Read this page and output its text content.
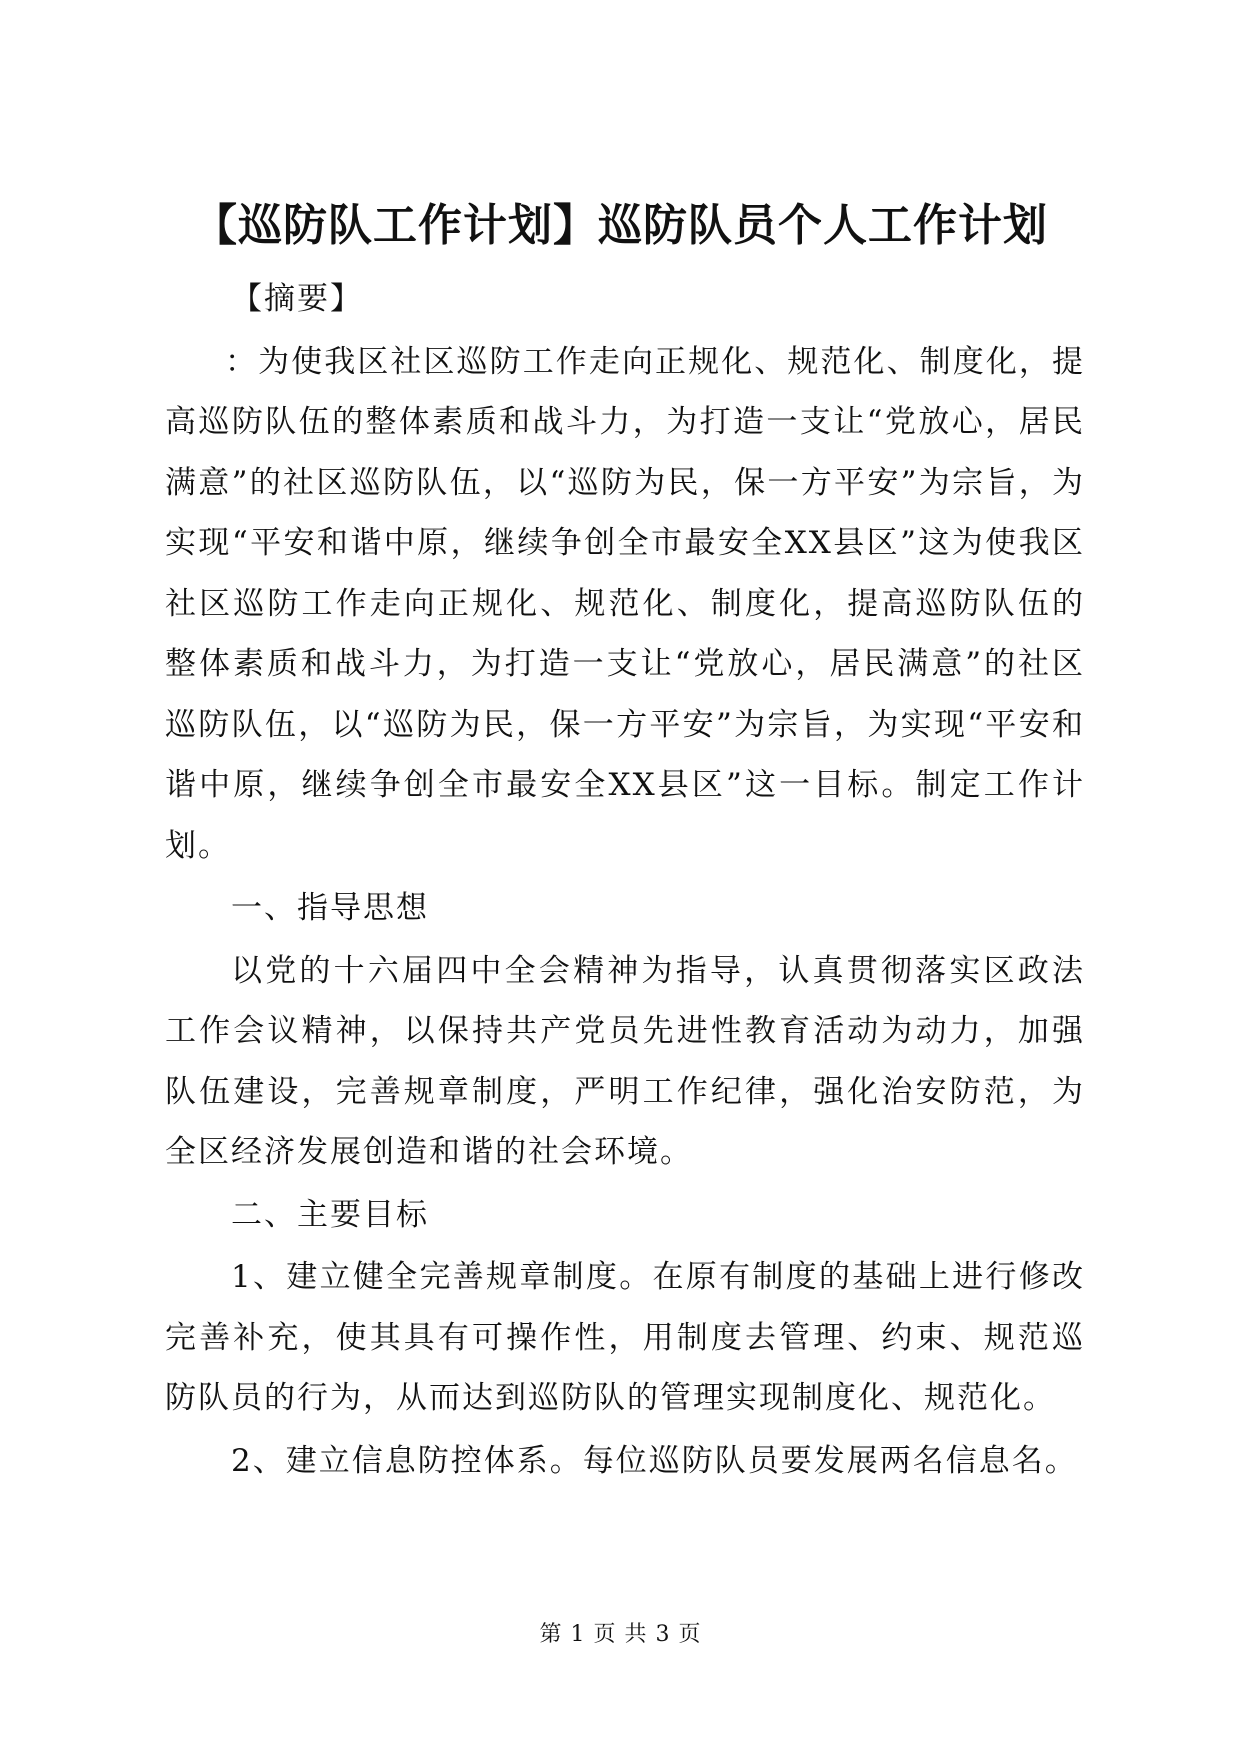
【巡防队工作计划】巡防队员个人工作计划

【摘要】

：为使我区社区巡防工作走向正规化、规范化、制度化，提高巡防队伍的整体素质和战斗力，为打造一支让“党放心，居民满意”的社区巡防队伍，以“巡防为民，保一方平安”为宗旨，为实现“平安和谐中原，继续争创全市最安全XX县区”这为使我区社区巡防工作走向正规化、规范化、制度化，提高巡防队伍的整体素质和战斗力，为打造一支让“党放心，居民满意”的社区巡防队伍，以“巡防为民，保一方平安”为宗旨，为实现“平安和谐中原，继续争创全市最安全XX县区”这一目标。制定工作计划。

一、指导思想

以党的十六届四中全会精神为指导，认真贯彻落实区政法工作会议精神，以保持共产党员先进性教育活动为动力，加强队伍建设，完善规章制度，严明工作纪律，强化治安防范，为全区经济发展创造和谐的社会环境。

二、主要目标

1、建立健全完善规章制度。在原有制度的基础上进行修改完善补充，使其具有可操作性，用制度去管理、约束、规范巡防队员的行为，从而达到巡防队的管理实现制度化、规范化。

2、建立信息防控体系。每位巡防队员要发展两名信息名。

第 1 页 共 3 页
